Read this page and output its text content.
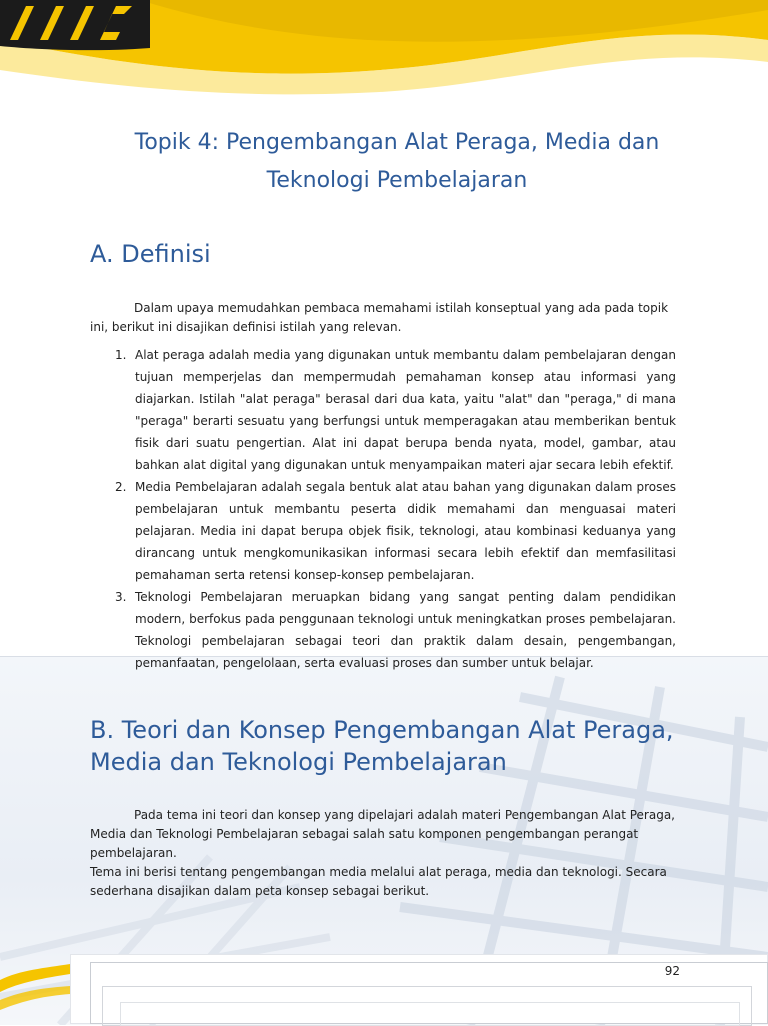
Topik 4: Pengembangan Alat Peraga, Media dan Teknologi Pembelajaran
A. Definisi
Dalam upaya memudahkan pembaca memahami istilah konseptual yang ada pada topik ini, berikut ini disajikan definisi istilah yang relevan.
1. Alat peraga adalah media yang digunakan untuk membantu dalam pembelajaran dengan tujuan memperjelas dan mempermudah pemahaman konsep atau informasi yang diajarkan. Istilah "alat peraga" berasal dari dua kata, yaitu "alat" dan "peraga," di mana "peraga" berarti sesuatu yang berfungsi untuk memperagakan atau memberikan bentuk fisik dari suatu pengertian. Alat ini dapat berupa benda nyata, model, gambar, atau bahkan alat digital yang digunakan untuk menyampaikan materi ajar secara lebih efektif.
2. Media Pembelajaran adalah segala bentuk alat atau bahan yang digunakan dalam proses pembelajaran untuk membantu peserta didik memahami dan menguasai materi pelajaran. Media ini dapat berupa objek fisik, teknologi, atau kombinasi keduanya yang dirancang untuk mengkomunikasikan informasi secara lebih efektif dan memfasilitasi pemahaman serta retensi konsep-konsep pembelajaran.
3. Teknologi Pembelajaran meruapkan bidang yang sangat penting dalam pendidikan modern, berfokus pada penggunaan teknologi untuk meningkatkan proses pembelajaran. Teknologi pembelajaran sebagai teori dan praktik dalam desain, pengembangan, pemanfaatan, pengelolaan, serta evaluasi proses dan sumber untuk belajar.
B. Teori dan Konsep Pengembangan Alat Peraga, Media dan Teknologi Pembelajaran
Pada tema ini teori dan konsep yang dipelajari adalah materi Pengembangan Alat Peraga, Media dan Teknologi Pembelajaran sebagai salah satu komponen pengembangan perangat pembelajaran.
Tema ini berisi tentang pengembangan media melalui alat peraga, media dan teknologi. Secara sederhana disajikan dalam peta konsep sebagai berikut.
92
